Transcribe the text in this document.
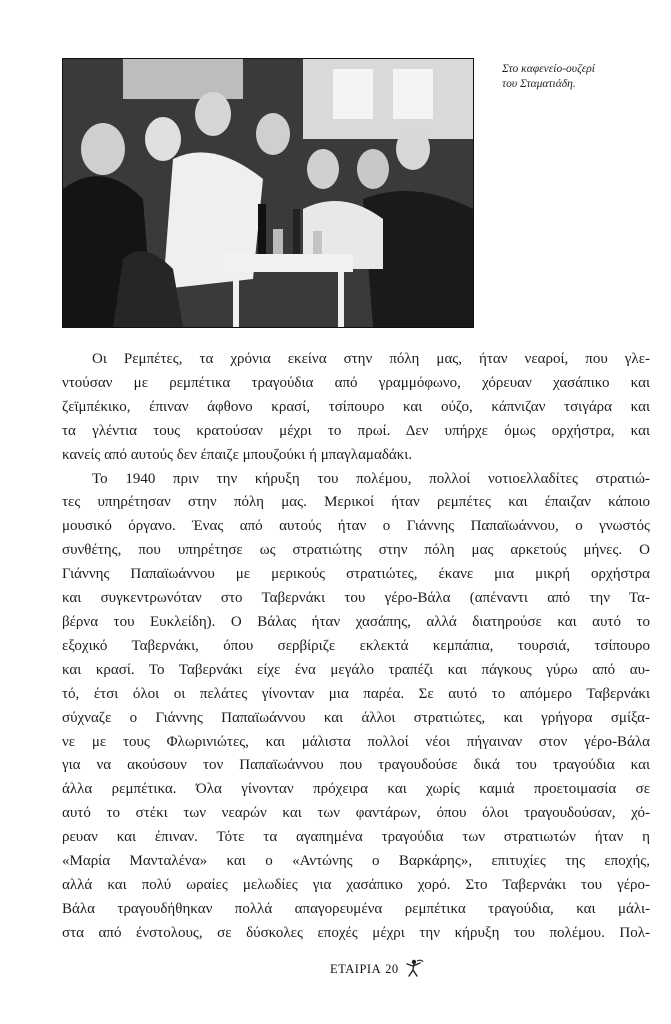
Στο καφενείο-ουζερί
του Σταματιάδη.
Οι Ρεμπέτες, τα χρόνια εκείνα στην πόλη μας, ήταν νεαροί, που γλε-
ντούσαν με ρεμπέτικα τραγούδια από γραμμόφωνο, χόρευαν χασάπικο και
ζεϊμπέκικο, έπιναν άφθονο κρασί, τσίπουρο και ούζο, κάπνιζαν τσιγάρα και
τα γλέντια τους κρατούσαν μέχρι το πρωί. Δεν υπήρχε όμως ορχήστρα, και
κανείς από αυτούς δεν έπαιζε μπουζούκι ή μπαγλαμαδάκι.
Το 1940 πριν την κήρυξη του πολέμου, πολλοί νοτιοελλαδίτες στρατιώ-
τες υπηρέτησαν στην πόλη μας. Μερικοί ήταν ρεμπέτες και έπαιζαν κάποιο
μουσικό όργανο. Ένας από αυτούς ήταν ο Γιάννης Παπαϊωάννου, ο γνωστός
συνθέτης, που υπηρέτησε ως στρατιώτης στην πόλη μας αρκετούς μήνες. Ο
Γιάννης Παπαϊωάννου με μερικούς στρατιώτες, έκανε μια μικρή ορχήστρα
και συγκεντρωνόταν στο Ταβερνάκι του γέρο-Βάλα (απέναντι από την Τα-
βέρνα του Ευκλείδη). Ο Βάλας ήταν χασάπης, αλλά διατηρούσε και αυτό το
εξοχικό Ταβερνάκι, όπου σερβίριζε εκλεκτά κεμπάπια, τουρσιά, τσίπουρο
και κρασί. Το Ταβερνάκι είχε ένα μεγάλο τραπέζι και πάγκους γύρω από αυ-
τό, έτσι όλοι οι πελάτες γίνονταν μια παρέα. Σε αυτό το απόμερο Ταβερνάκι
σύχναζε ο Γιάννης Παπαϊωάννου και άλλοι στρατιώτες, και γρήγορα σμίξα-
νε με τους Φλωρινιώτες, και μάλιστα πολλοί νέοι πήγαιναν στον γέρο-Βάλα
για να ακούσουν τον Παπαϊωάννου που τραγουδούσε δικά του τραγούδια και
άλλα ρεμπέτικα. Όλα γίνονταν πρόχειρα και χωρίς καμιά προετοιμασία σε
αυτό το στέκι των νεαρών και των φαντάρων, όπου όλοι τραγουδούσαν, χό-
ρευαν και έπιναν. Τότε τα αγαπημένα τραγούδια των στρατιωτών ήταν η
«Μαρία Μανταλένα» και ο «Αντώνης ο Βαρκάρης», επιτυχίες της εποχής,
αλλά και πολύ ωραίες μελωδίες για χασάπικο χορό. Στο Ταβερνάκι του γέρο-
Βάλα τραγουδήθηκαν πολλά απαγορευμένα ρεμπέτικα τραγούδια, και μάλι-
στα από ένστολους, σε δύσκολες εποχές μέχρι την κήρυξη του πολέμου. Πολ-
ΕΤΑΙΡΙΑ 20
